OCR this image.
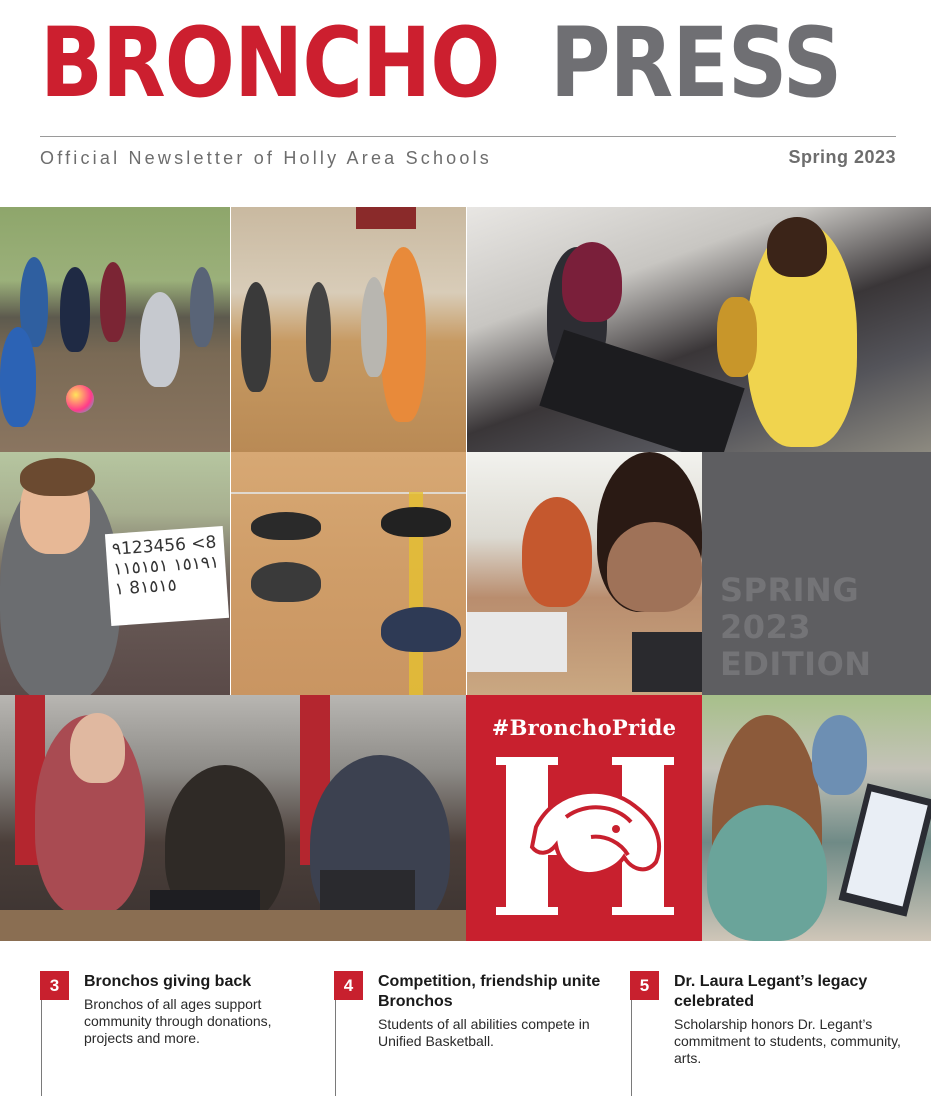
BRONCHO PRESS
Official Newsletter of Holly Area Schools	Spring 2023
٩123456 <8١٥١٩١ ١١٥١٥١١ 8١٥١٥	SPRING
2023
EDITION
#BronchoPride
3	Bronchos giving back
Bronchos of all ages support community through donations, projects and more.
4	Competition, friendship unite Bronchos
Students of all abilities compete in Unified Basketball.
5	Dr. Laura Legant’s legacy celebrated
Scholarship honors Dr. Legant’s commitment to students, community, arts.
